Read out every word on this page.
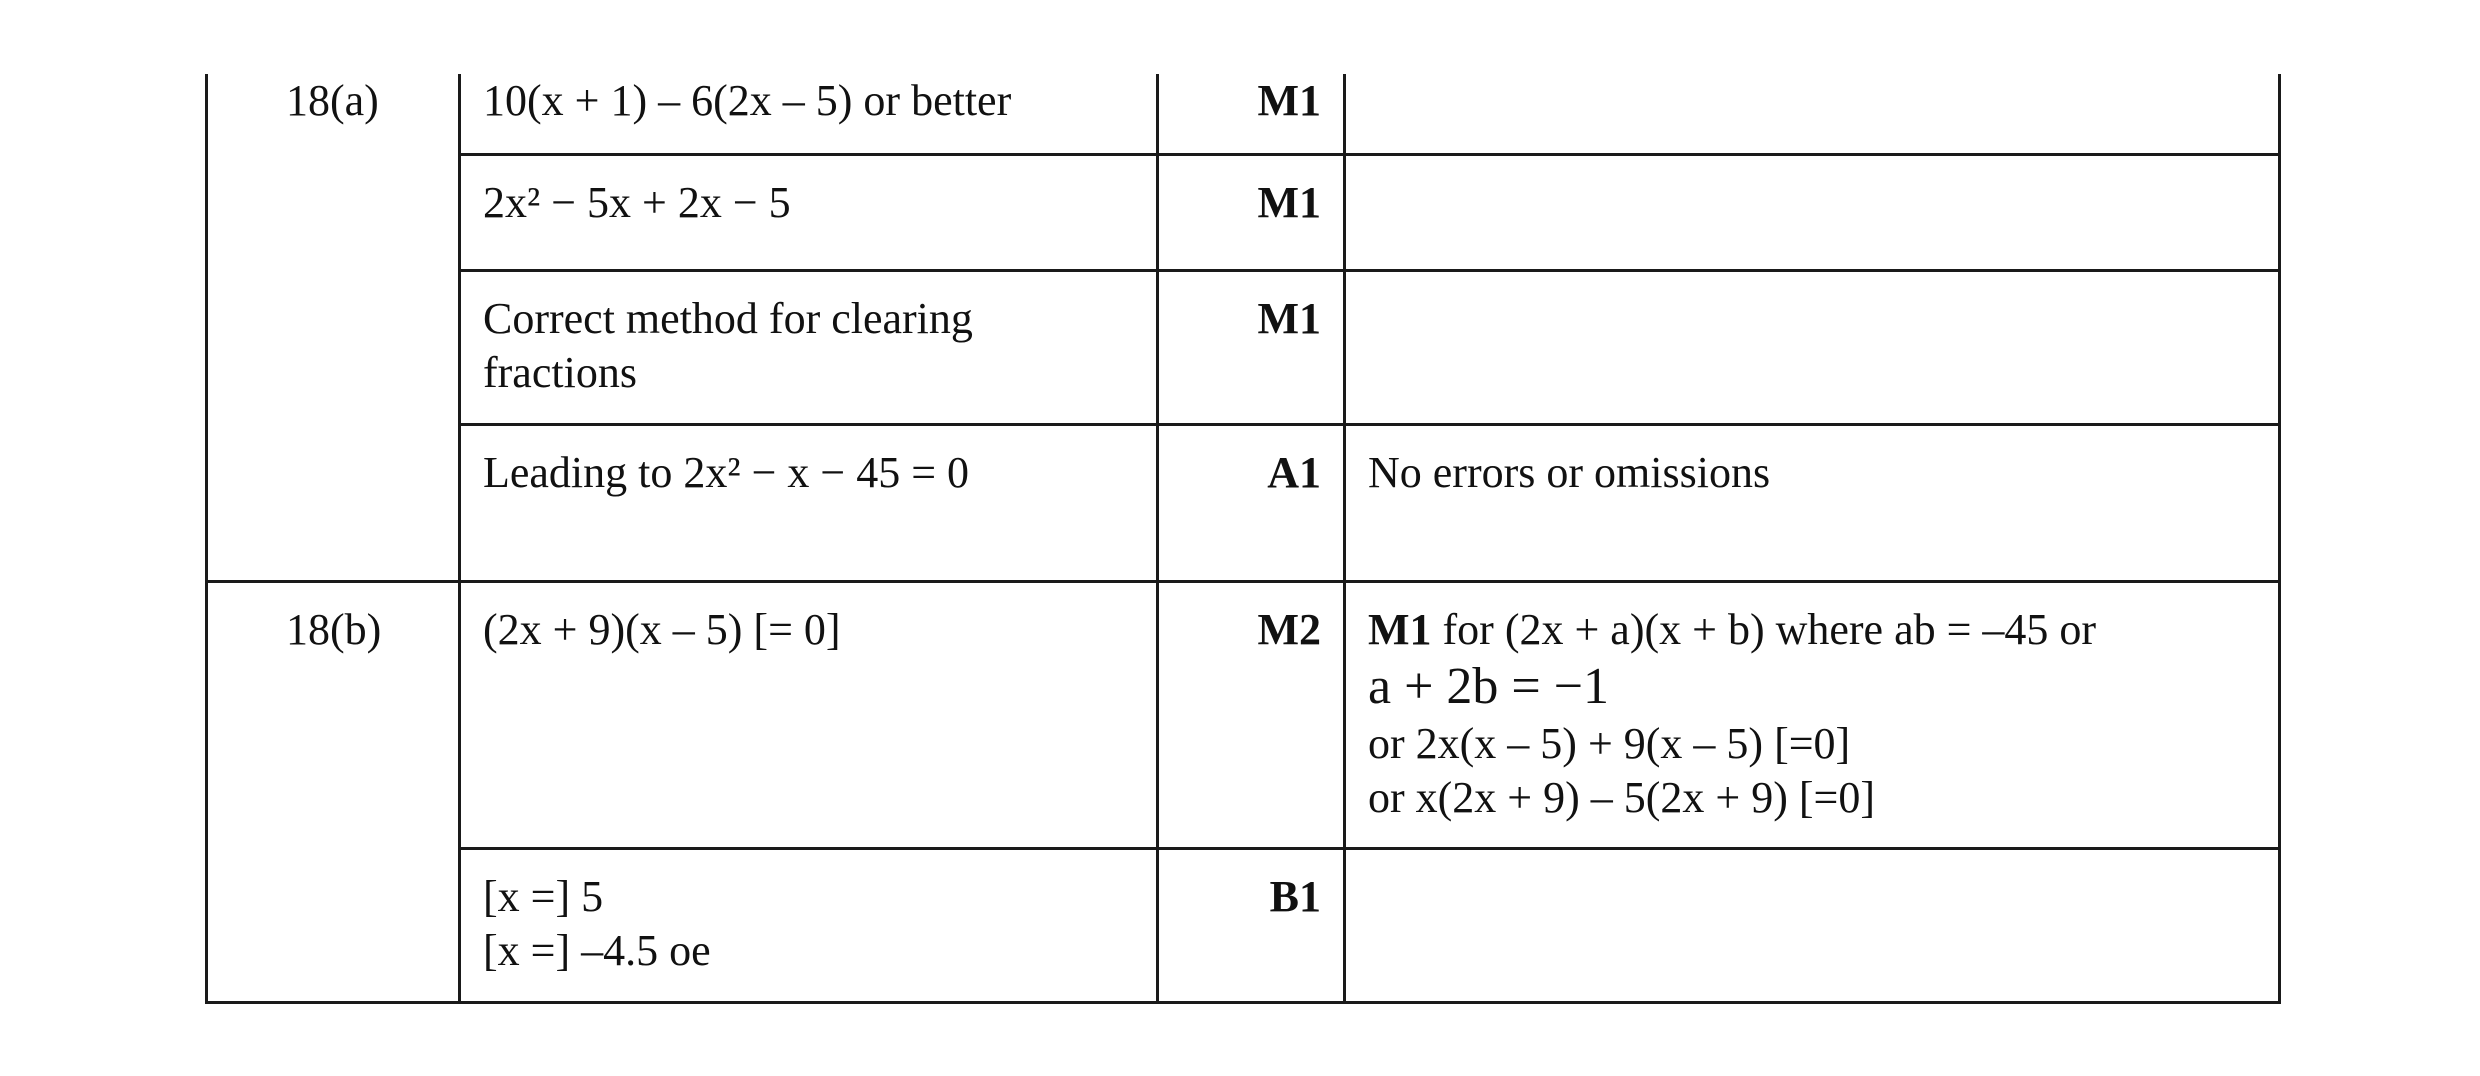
18(a)	10(x + 1) – 6(2x – 5) or better	M1	

	2x² − 5x + 2x − 5	M1	

	Correct method for clearing
fractions	M1	

	Leading to 2x² − x − 45 = 0	A1	No errors or omissions

18(b)	(2x + 9)(x – 5) [= 0]	M2	M1 for (2x + a)(x + b) where ab = –45 or
a + 2b = −1
or 2x(x – 5) + 9(x – 5) [=0]
or x(2x + 9) – 5(2x + 9) [=0]

	[x =] 5
[x =] –4.5 oe	B1	
